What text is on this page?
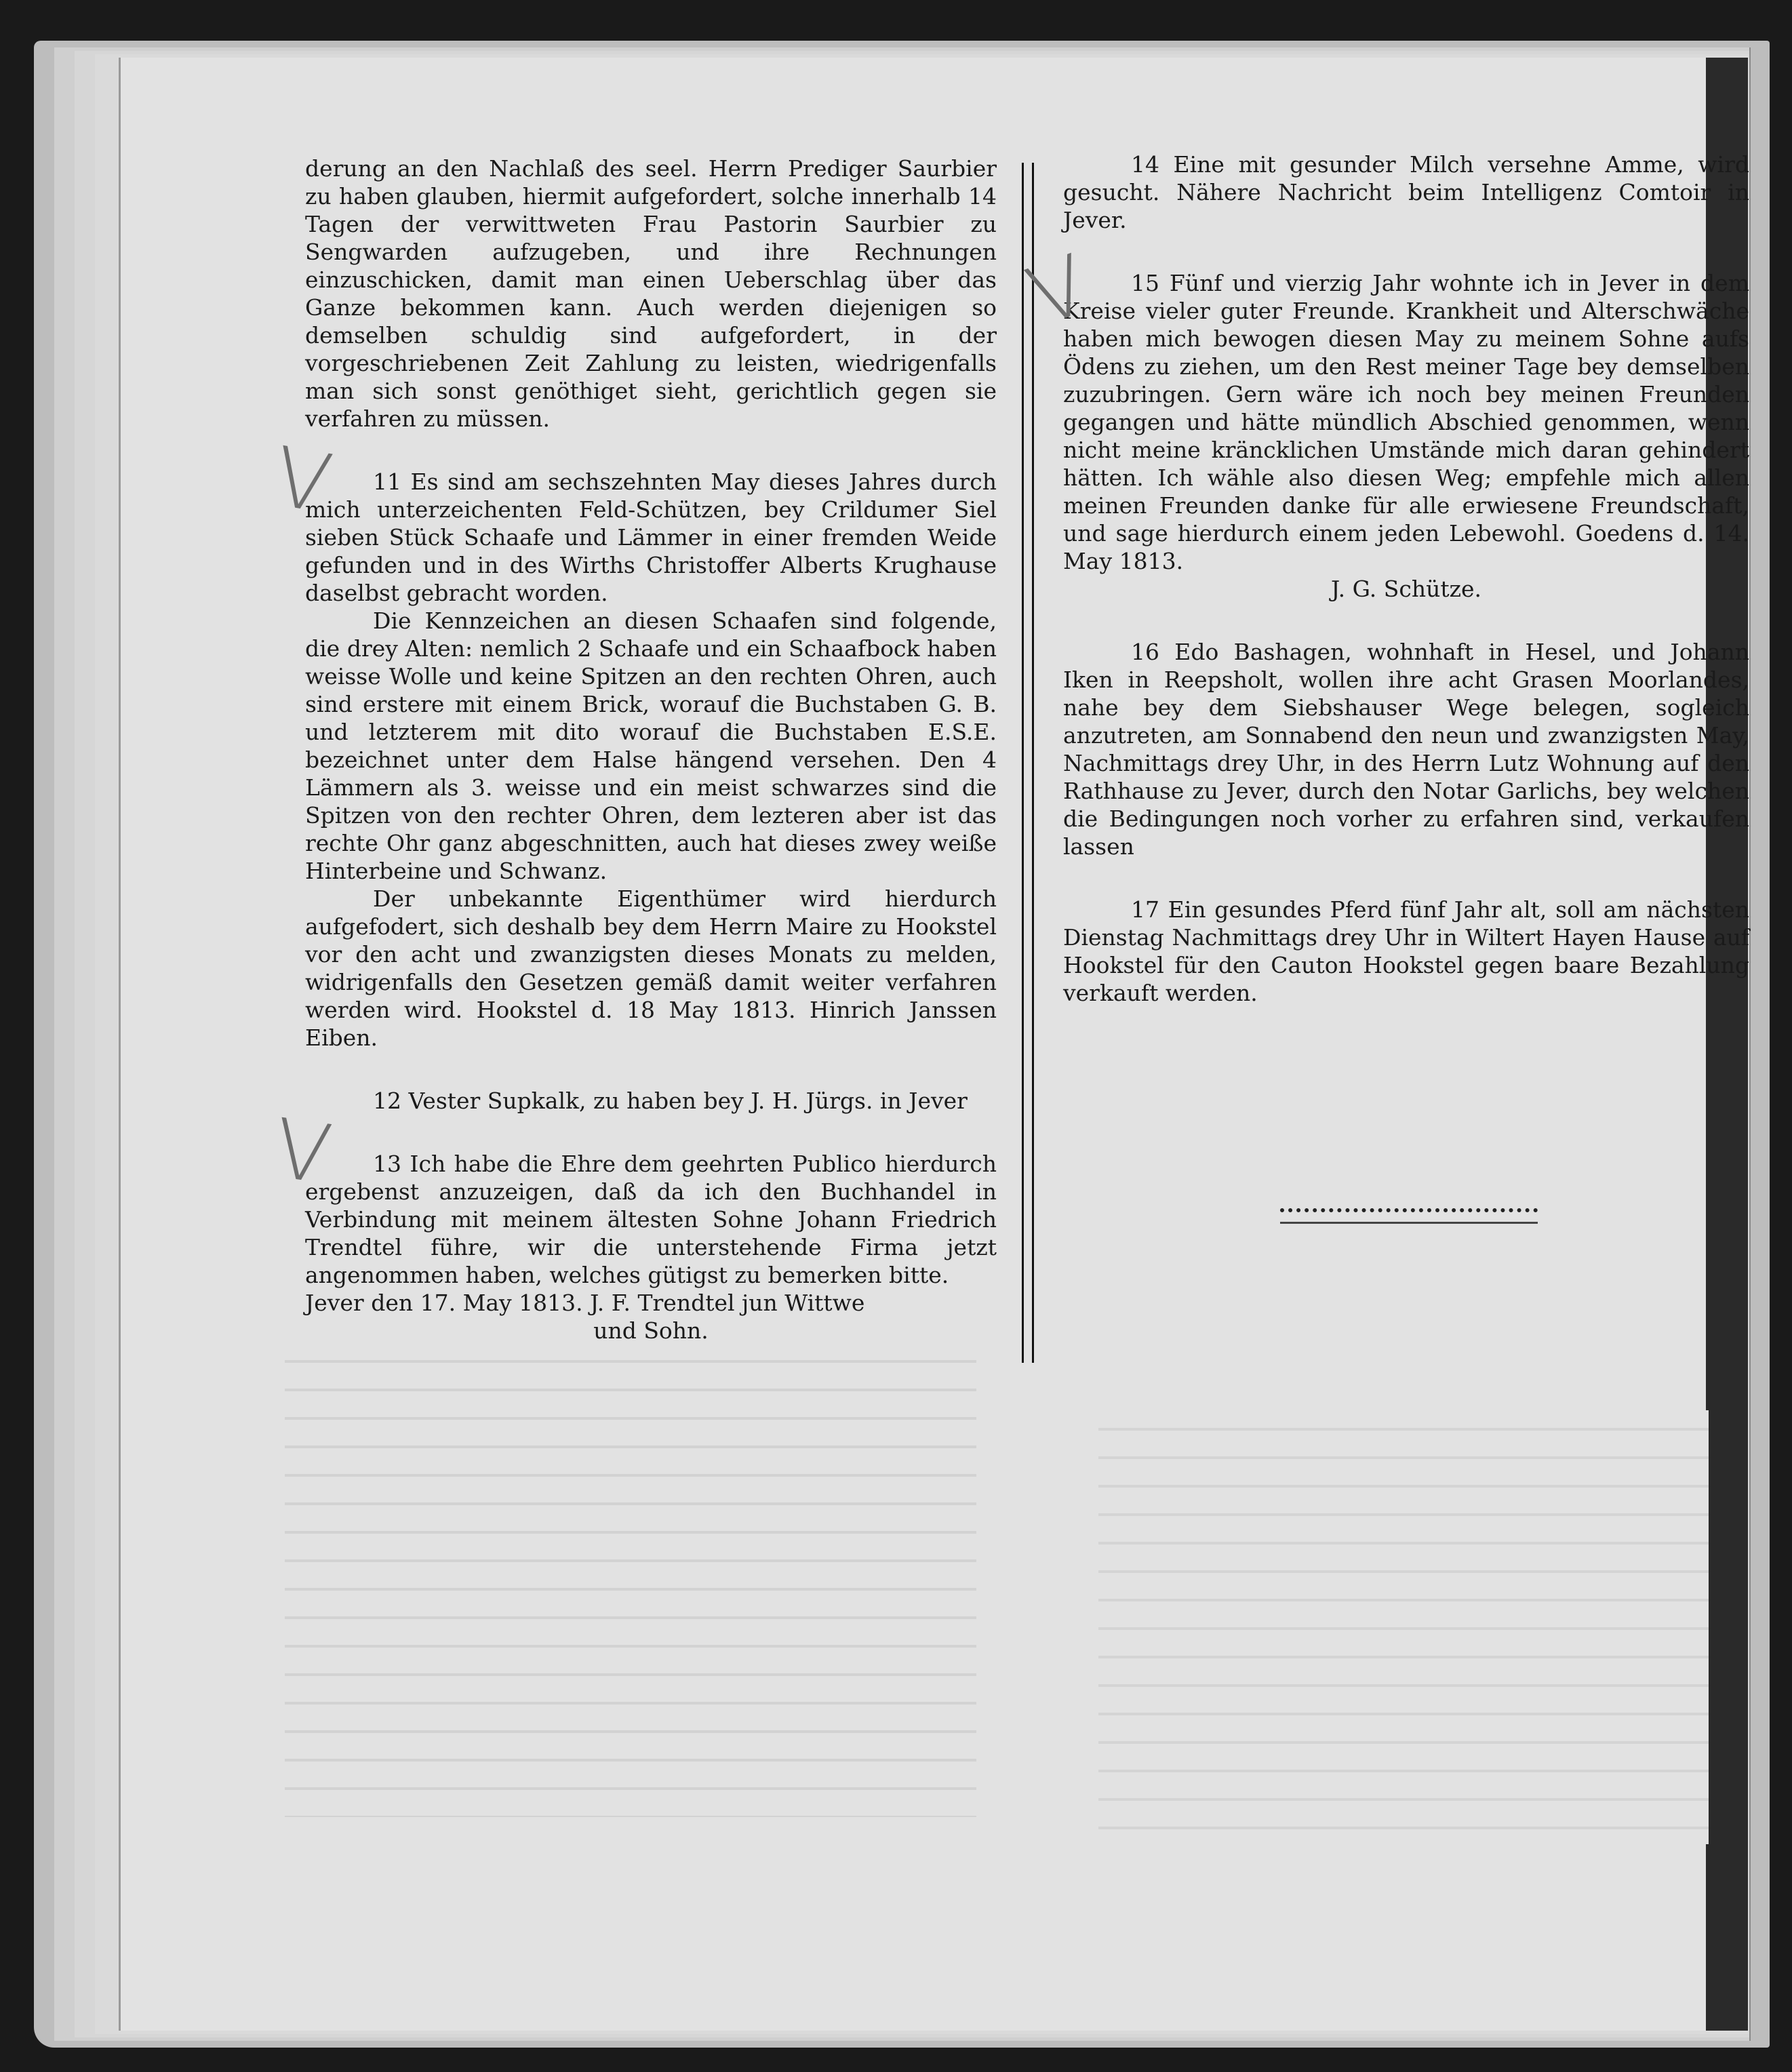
derung an den Nachlaß des seel. Herrn Prediger Saurbier zu haben glauben, hiermit aufgefordert, solche innerhalb 14 Tagen der verwittweten Frau Pastorin Saurbier zu Sengwarden aufzugeben, und ihre Rechnungen einzuschicken, damit man einen Ueberschlag über das Ganze bekommen kann. Auch werden diejenigen so demselben schuldig sind aufgefordert, in der vorgeschriebenen Zeit Zahlung zu leisten, wiedrigenfalls man sich sonst genöthiget sieht, gerichtlich gegen sie verfahren zu müssen.

11 Es sind am sechszehnten May dieses Jahres durch mich unterzeichenten Feld-Schützen, bey Crildumer Siel sieben Stück Schaafe und Lämmer in einer fremden Weide gefunden und in des Wirths Christoffer Alberts Krughause daselbst gebracht worden.

Die Kennzeichen an diesen Schaafen sind folgende, die drey Alten: nemlich 2 Schaafe und ein Schaafbock haben weisse Wolle und keine Spitzen an den rechten Ohren, auch sind erstere mit einem Brick, worauf die Buchstaben G. B. und letzterem mit dito worauf die Buchstaben E.S.E. bezeichnet unter dem Halse hängend versehen. Den 4 Lämmern als 3. weisse und ein meist schwarzes sind die Spitzen von den rechter Ohren, dem lezteren aber ist das rechte Ohr ganz abgeschnitten, auch hat dieses zwey weiße Hinterbeine und Schwanz.

Der unbekannte Eigenthümer wird hierdurch aufgefodert, sich deshalb bey dem Herrn Maire zu Hookstel vor den acht und zwanzigsten dieses Monats zu melden, widrigenfalls den Gesetzen gemäß damit weiter verfahren werden wird. Hookstel d. 18 May 1813. Hinrich Janssen Eiben.

12 Vester Supkalk, zu haben bey J. H. Jürgs. in Jever

13 Ich habe die Ehre dem geehrten Publico hierdurch ergebenst anzuzeigen, daß da ich den Buchhandel in Verbindung mit meinem ältesten Sohne Johann Friedrich Trendtel führe, wir die unterstehende Firma jetzt angenommen haben, welches gütigst zu bemerken bitte.

Jever den 17. May 1813. J. F. Trendtel jun Wittwe

und Sohn.

14 Eine mit gesunder Milch versehne Amme, wird gesucht. Nähere Nachricht beim Intelligenz Comtoir in Jever.

15 Fünf und vierzig Jahr wohnte ich in Jever in dem Kreise vieler guter Freunde. Krankheit und Alterschwäche haben mich bewogen diesen May zu meinem Sohne aufs Ödens zu ziehen, um den Rest meiner Tage bey demselben zuzubringen. Gern wäre ich noch bey meinen Freunden gegangen und hätte mündlich Abschied genommen, wenn nicht meine kräncklichen Umstände mich daran gehindert hätten. Ich wähle also diesen Weg; empfehle mich allen meinen Freunden danke für alle erwiesene Freundschaft, und sage hierdurch einem jeden Lebewohl. Goedens d. 14. May 1813.

J. G. Schütze.

16 Edo Bashagen, wohnhaft in Hesel, und Johann Iken in Reepsholt, wollen ihre acht Grasen Moorlandes, nahe bey dem Siebshauser Wege belegen, sogleich anzutreten, am Sonnabend den neun und zwanzigsten May, Nachmittags drey Uhr, in des Herrn Lutz Wohnung auf den Rathhause zu Jever, durch den Notar Garlichs, bey welchen die Bedingungen noch vorher zu erfahren sind, verkaufen lassen

17 Ein gesundes Pferd fünf Jahr alt, soll am nächsten Dienstag Nachmittags drey Uhr in Wiltert Hayen Hause auf Hookstel für den Cauton Hookstel gegen baare Bezahlung verkauft werden.

V
V
V
